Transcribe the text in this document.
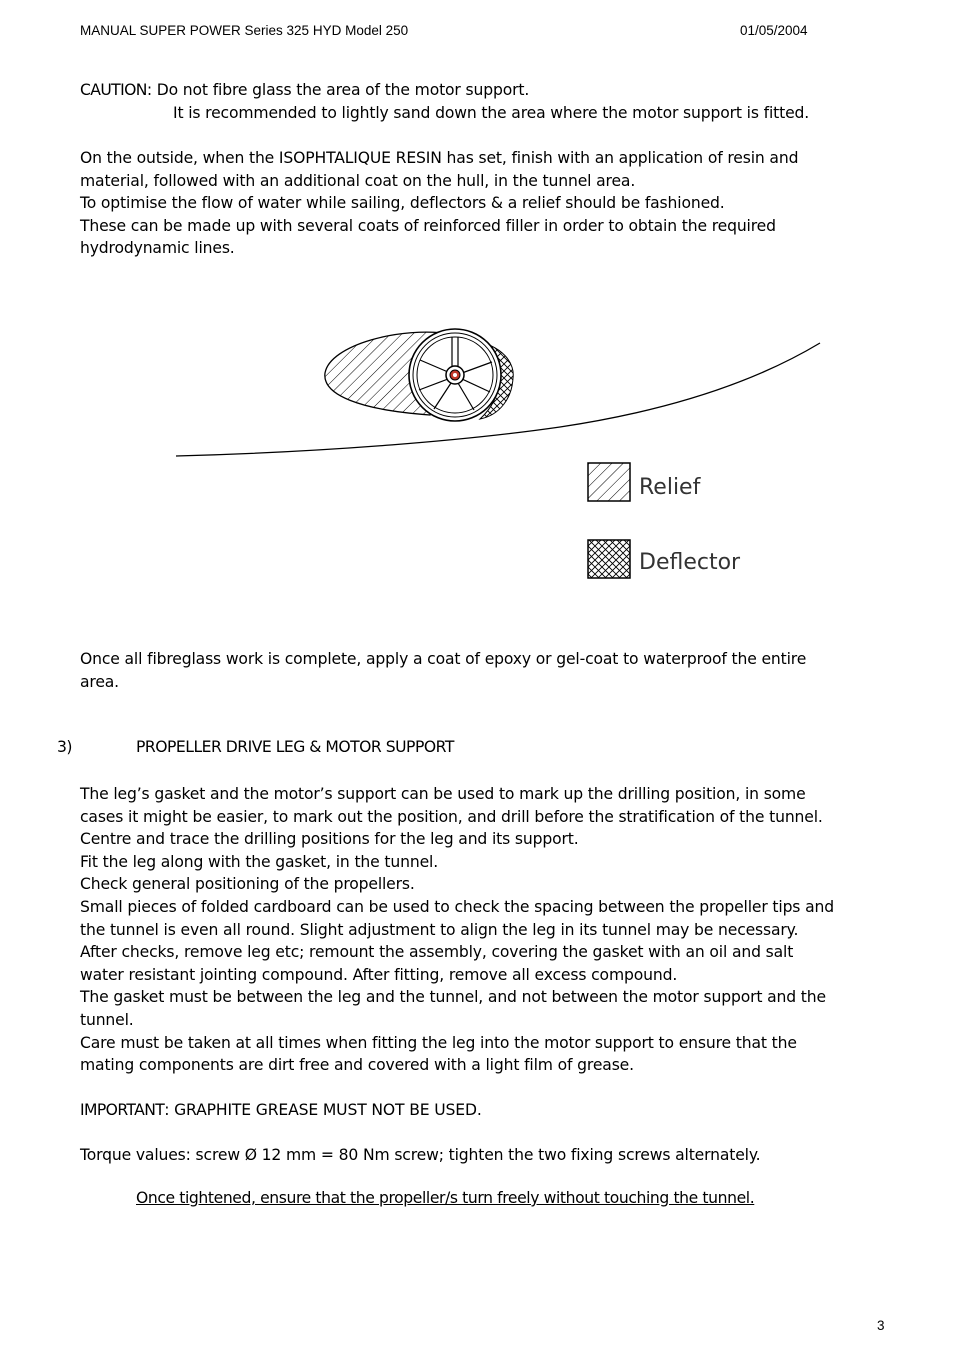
MANUAL SUPER POWER Series 325 HYD Model 250	01/05/2004
CAUTION: Do not fibre glass the area of the motor support.
It is recommended to lightly sand down the area where the motor support is fitted.
On the outside, when the ISOPHTALIQUE RESIN has set, finish with an application of resin and
material, followed with an additional coat on the hull, in the tunnel area.
To optimise the flow of water while sailing, deflectors & a relief should be fashioned.
These can be made up with several coats of reinforced filler in order to obtain the required
hydrodynamic lines.
Relief
Deflector
Once all fibreglass work is complete, apply a coat of epoxy or gel-coat to waterproof the entire
area.
3)	PROPELLER DRIVE LEG & MOTOR SUPPORT
The leg’s gasket and the motor’s support can be used to mark up the drilling position, in some
cases it might be easier, to mark out the position, and drill before the stratification of the tunnel.
Centre and trace the drilling positions for the leg and its support.
Fit the leg along with the gasket, in the tunnel.
Check general positioning of the propellers.
Small pieces of folded cardboard can be used to check the spacing between the propeller tips and
the tunnel is even all round. Slight adjustment to align the leg in its tunnel may be necessary.
After checks, remove leg etc; remount the assembly, covering the gasket with an oil and salt
water resistant jointing compound. After fitting, remove all excess compound.
The gasket must be between the leg and the tunnel, and not between the motor support and the
tunnel.
Care must be taken at all times when fitting the leg into the motor support to ensure that the
mating components are dirt free and covered with a light film of grease.
IMPORTANT: GRAPHITE GREASE MUST NOT BE USED.
Torque values: screw Ø 12 mm = 80 Nm screw; tighten the two fixing screws alternately.
Once tightened, ensure that the propeller/s turn freely without touching the tunnel.
3
